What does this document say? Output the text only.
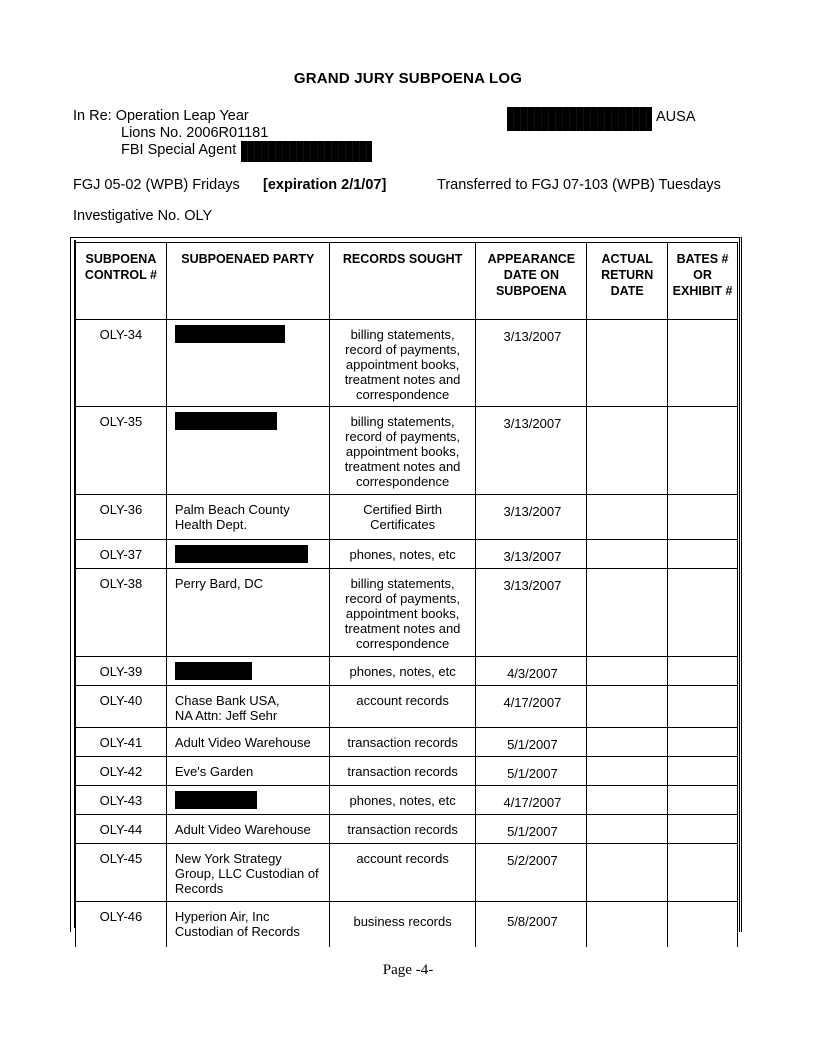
GRAND JURY SUBPOENA LOG
In Re: Operation Leap Year
Lions No. 2006R01181
FBI Special Agent
AUSA
FGJ 05-02 (WPB) Fridays [expiration 2/1/07]	Transferred to FGJ 07-103 (WPB) Tuesdays
Investigative No. OLY
SUBPOENA CONTROL #	SUBPOENAED PARTY	RECORDS SOUGHT	APPEARANCE DATE ON SUBPOENA	ACTUAL RETURN DATE	BATES # OR EXHIBIT #

OLY-34		billing statements, record of payments, appointment books, treatment notes and correspondence	3/13/2007		

OLY-35		billing statements, record of payments, appointment books, treatment notes and correspondence	3/13/2007		

OLY-36	Palm Beach County Health Dept.	Certified Birth Certificates	3/13/2007		

OLY-37		phones, notes, etc	3/13/2007		

OLY-38	Perry Bard, DC	billing statements, record of payments, appointment books, treatment notes and correspondence	3/13/2007		

OLY-39		phones, notes, etc	4/3/2007		

OLY-40	Chase Bank USA, NA Attn: Jeff Sehr	account records	4/17/2007		

OLY-41	Adult Video Warehouse	transaction records	5/1/2007		

OLY-42	Eve's Garden	transaction records	5/1/2007		

OLY-43		phones, notes, etc	4/17/2007		

OLY-44	Adult Video Warehouse	transaction records	5/1/2007		

OLY-45	New York Strategy Group, LLC Custodian of Records	account records	5/2/2007		

OLY-46	Hyperion Air, Inc Custodian of Records	business records	5/8/2007		

Page -4-
